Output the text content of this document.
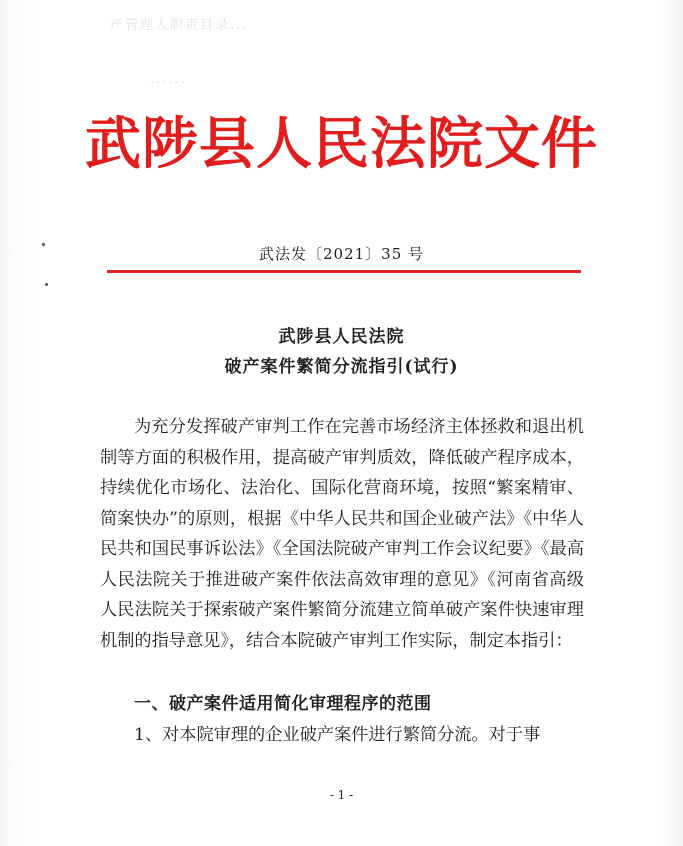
产管理人职责目录...
......
武陟县人民法院文件
武法发〔2021〕35 号
武陟县人民法院
破产案件繁简分流指引(试行)

为充分发挥破产审判工作在完善市场经济主体拯救和退出机制等方面的积极作用，提高破产审判质效，降低破产程序成本，持续优化市场化、法治化、国际化营商环境，按照“繁案精审、简案快办”的原则，根据《中华人民共和国企业破产法》《中华人民共和国民事诉讼法》《全国法院破产审判工作会议纪要》《最高人民法院关于推进破产案件依法高效审理的意见》《河南省高级人民法院关于探索破产案件繁简分流建立简单破产案件快速审理机制的指导意见》，结合本院破产审判工作实际，制定本指引：

一、破产案件适用简化审理程序的范围

1、对本院审理的企业破产案件进行繁简分流。对于事

- 1 -
